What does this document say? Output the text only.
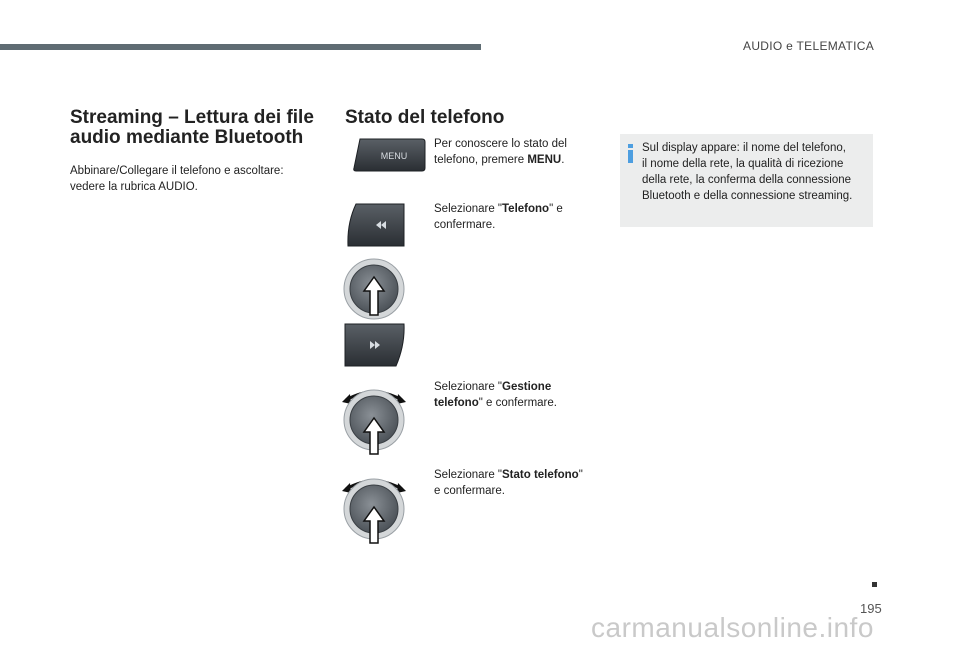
AUDIO e TELEMATICA
Streaming – Lettura dei file
audio mediante Bluetooth
Abbinare/Collegare il telefono e ascoltare:
vedere la rubrica AUDIO.
Stato del telefono
MENU
Per conoscere lo stato del
telefono, premere MENU.
Selezionare "Telefono" e
confermare.
Selezionare "Gestione
telefono" e confermare.
Selezionare "Stato telefono"
e confermare.
Sul display appare: il nome del telefono,
il nome della rete, la qualità di ricezione
della rete, la conferma della connessione
Bluetooth e della connessione streaming.
195
carmanualsonline.info
